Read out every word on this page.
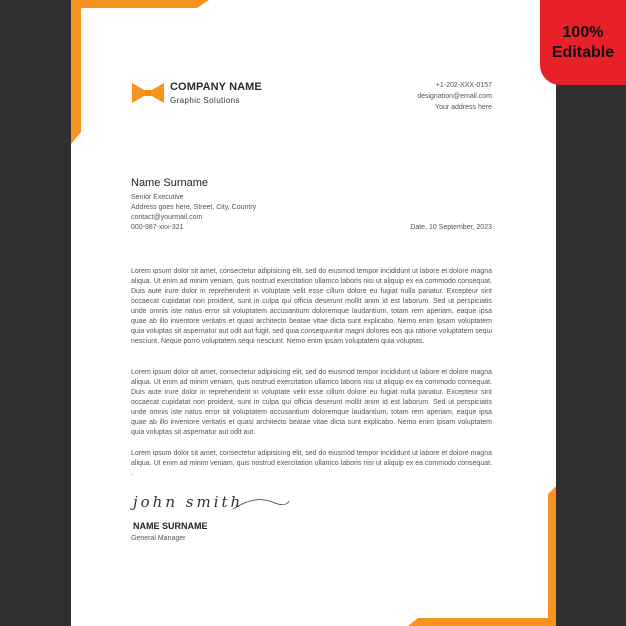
COMPANY NAME
Graphic Solutions
+1-202-XXX-0157
designation@email.com
Your address here
Name Surname
Senior Executive
Address goes here, Street, City, Country
contact@yourmail.com
000-987-xxx-321	Date, 10 September, 2023

Lorem ipsum dolor sit amet, consectetur adipisicing elit, sed do eiusmod tempor incididunt ut labore et dolore magna aliqua. Ut enim ad minim veniam, quis nostrud exercitation ullamco laboris nisi ut aliquip ex ea commodo consequat. Duis aute irure dolor in reprehenderit in voluptate velit esse cillum dolore eu fugiat nulla pariatur. Excepteur sint occaecat cupidatat non proident, sunt in culpa qui officia deserunt mollit anim id est laborum. Sed ut perspiciatis unde omnis iste natus error sit voluptatem accusantium doloremque laudantium, totam rem aperiam, eaque ipsa quae ab illo inventore veritatis et quasi architecto beatae vitae dicta sunt explicabo. Nemo enim ipsam voluptatem quia voluptas sit aspernatur aut odit aut fugit, sed quia consequuntur magni dolores eos qui ratione voluptatem sequi nesciunt. Neque porro voluptatem sequi nesciunt. Nemo enim ipsam voluptatem quia voluptas.

Lorem ipsum dolor sit amet, consectetur adipisicing elit, sed do eiusmod tempor incididunt ut labore et dolore magna aliqua. Ut enim ad minim veniam, quis nostrud exercitation ullamco laboris nisi ut aliquip ex ea commodo consequat. Duis aute irure dolor in reprehenderit in voluptate velit esse cillum dolore eu fugiat nulla pariatur. Excepteur sint occaecat cupidatat non proident, sunt in culpa qui officia deserunt mollit anim id est laborum. Sed ut perspiciatis unde omnis iste natus error sit voluptatem accusantium doloremque laudantium, totam rem aperiam, eaque ipsa quae ab illo inventore veritatis et quasi architecto beatae vitae dicta sunt explicabo. Nemo enim ipsam voluptatem quia voluptas sit aspernatur aut odit aut.

Lorem ipsum dolor sit amet, consectetur adipisicing elit, sed do eiusmod tempor incididunt ut labore et dolore magna aliqua. Ut enim ad minim veniam, quis nostrud exercitation ullamco laboris nisi ut aliquip ex ea commodo consequat. .

john smith
NAME SURNAME
General Manager
100%
Editable
